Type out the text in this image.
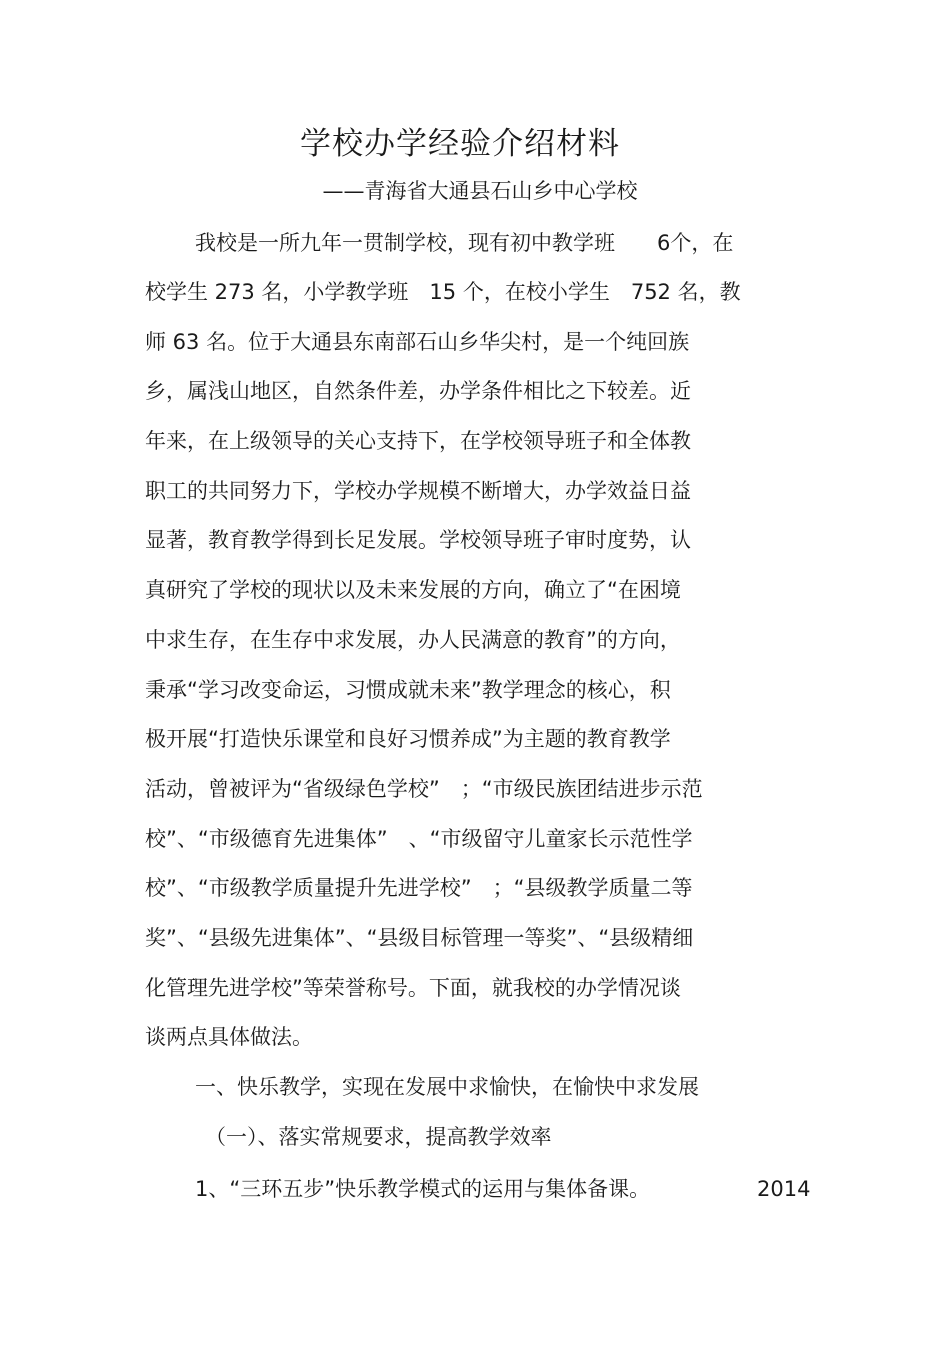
学校办学经验介绍材料

——青海省大通县石山乡中心学校

我校是一所九年一贯制学校，现有初中教学班　　6个，在

校学生 273 名，小学教学班　15 个，在校小学生　752 名，教

师 63 名。位于大通县东南部石山乡华尖村，是一个纯回族

乡，属浅山地区，自然条件差，办学条件相比之下较差。近

年来，在上级领导的关心支持下，在学校领导班子和全体教

职工的共同努力下，学校办学规模不断增大，办学效益日益

显著，教育教学得到长足发展。学校领导班子审时度势，认

真研究了学校的现状以及未来发展的方向，确立了“在困境

中求生存，在生存中求发展，办人民满意的教育”的方向，

秉承“学习改变命运，习惯成就未来”教学理念的核心，积

极开展“打造快乐课堂和良好习惯养成”为主题的教育教学

活动，曾被评为“省级绿色学校”　；“市级民族团结进步示范

校”、“市级德育先进集体”　、“市级留守儿童家长示范性学

校”、“市级教学质量提升先进学校”　；“县级教学质量二等

奖”、“县级先进集体”、“县级目标管理一等奖”、“县级精细

化管理先进学校”等荣誉称号。下面，就我校的办学情况谈

谈两点具体做法。

一、快乐教学，实现在发展中求愉快，在愉快中求发展

（一）、落实常规要求，提高教学效率

1、“三环五步”快乐教学模式的运用与集体备课。	2014
